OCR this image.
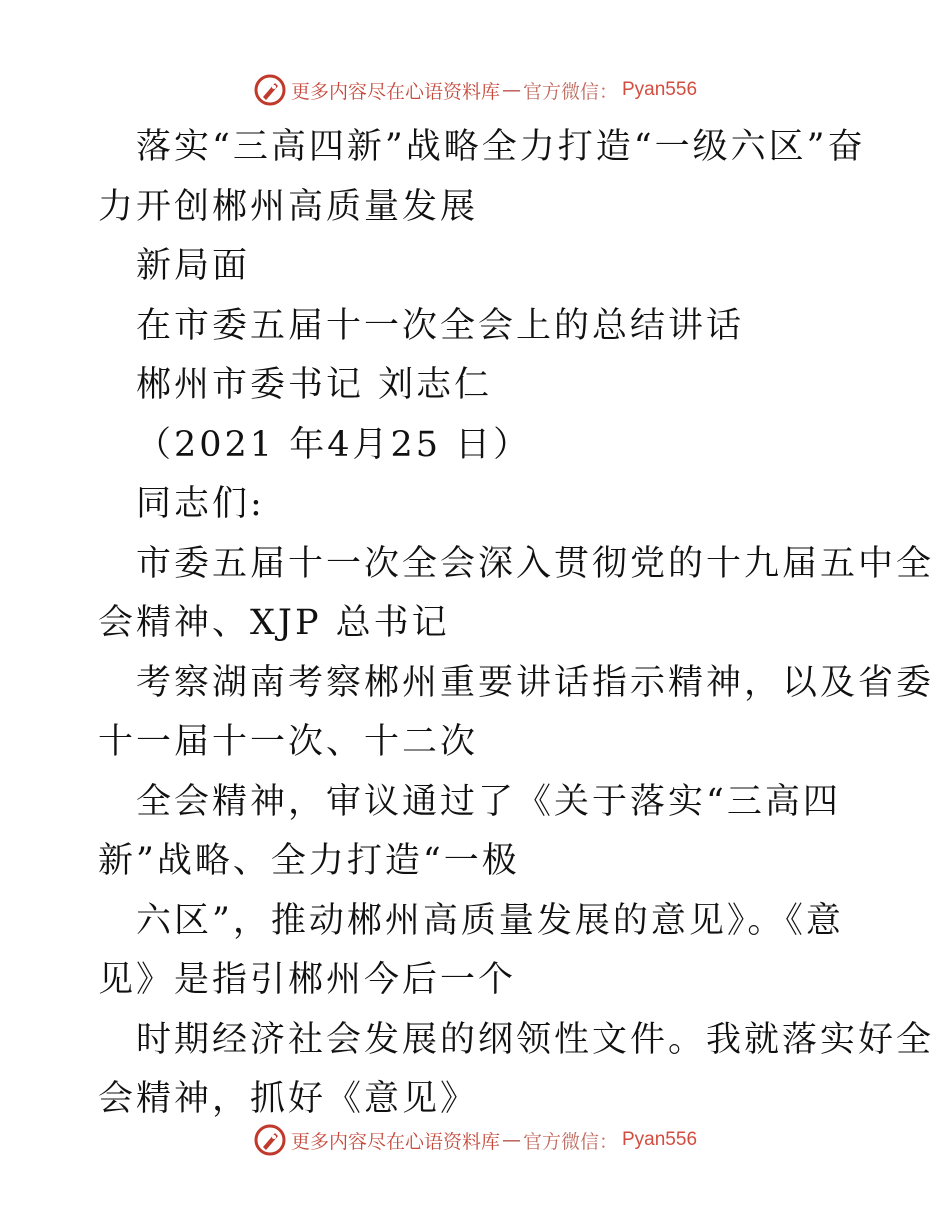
更多内容尽在心语资料库 — 官方微信： Pyan556
落实“三高四新”战略全力打造“一级六区”奋
力开创郴州高质量发展
新局面
在市委五届十一次全会上的总结讲话
郴州市委书记 刘志仁
（2021 年4月25 日）
同志们:
市委五届十一次全会深入贯彻党的十九届五中全
会精神、XJP 总书记
考察湖南考察郴州重要讲话指示精神，以及省委
十一届十一次、十二次
全会精神，审议通过了《关于落实“三高四
新”战略、全力打造“一极
六区”，推动郴州高质量发展的意见》。《意
见》是指引郴州今后一个
时期经济社会发展的纲领性文件。我就落实好全
会精神，抓好《意见》
更多内容尽在心语资料库 — 官方微信： Pyan556
